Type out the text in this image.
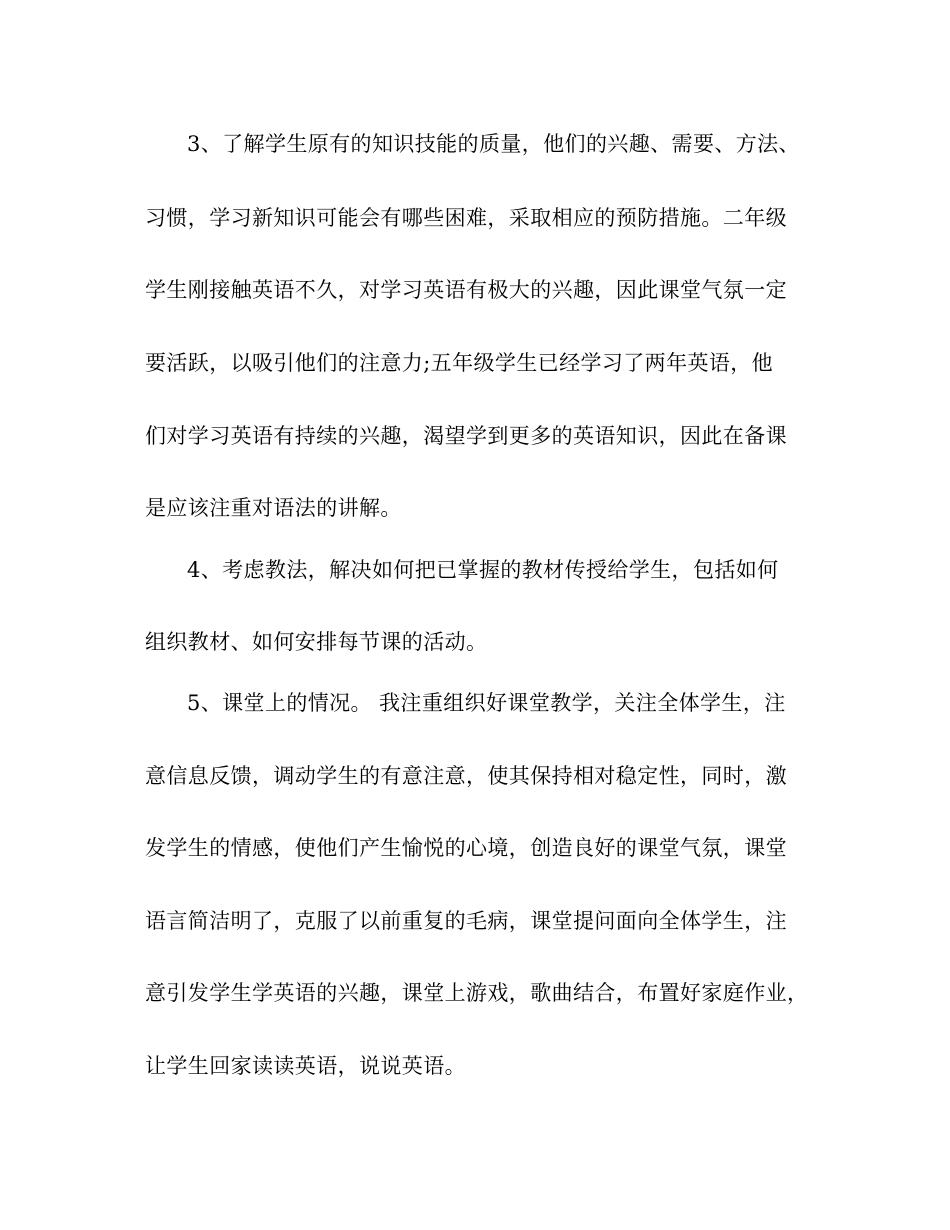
3、了解学生原有的知识技能的质量，他们的兴趣、需要、方法、
习惯，学习新知识可能会有哪些困难，采取相应的预防措施。二年级
学生刚接触英语不久，对学习英语有极大的兴趣，因此课堂气氛一定
要活跃，以吸引他们的注意力;五年级学生已经学习了两年英语，他
们对学习英语有持续的兴趣，渴望学到更多的英语知识，因此在备课
是应该注重对语法的讲解。
4、考虑教法，解决如何把已掌握的教材传授给学生，包括如何
组织教材、如何安排每节课的活动。
5、课堂上的情况。 我注重组织好课堂教学，关注全体学生，注
意信息反馈，调动学生的有意注意，使其保持相对稳定性，同时，激
发学生的情感，使他们产生愉悦的心境，创造良好的课堂气氛，课堂
语言简洁明了，克服了以前重复的毛病，课堂提问面向全体学生，注
意引发学生学英语的兴趣，课堂上游戏，歌曲结合，布置好家庭作业，
让学生回家读读英语，说说英语。
